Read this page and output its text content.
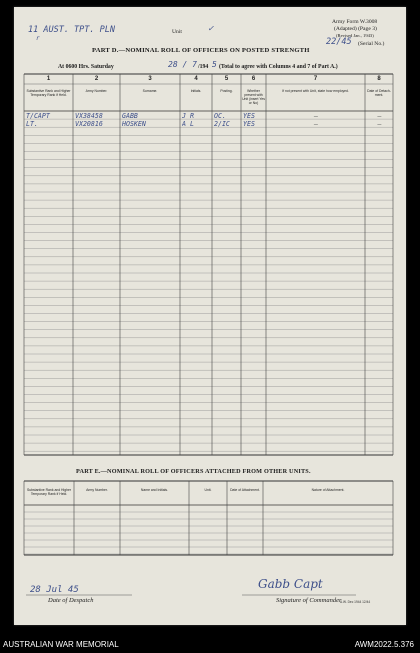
11 AUST. TPT. PLN	Unit	✓
r
Army Form W.3008
(Adapted) (Page 3)
(Revised Jan., 1943)
22/45 (Serial No.)
PART D.—NOMINAL ROLL OF OFFICERS ON POSTED STRENGTH
At 0600 Hrs. Saturday	28 / 7 /194 5 (Total to agree with Columns 4 and 7 of Part A.)
1	2	3	4	5	6	7	8
Substantive Rank and Higher Temporary Rank if Held.
Army Number.	Surname.	Initials.	Posting.	Whether present with Unit (insert Yes or No)
If not present with Unit, state how employed.	Date of Detach-ment.
T/CAPT	VX38458	GABB	J R	OC.	YES	—	—
LT.	VX20816	HOSKEN	A L	2/IC	YES	—	—
PART E.—NOMINAL ROLL OF OFFICERS ATTACHED FROM OTHER UNITS.
Substantive Rank and Higher Temporary Rank if Held.
Army Number.	Name and Initials.	Unit.	Date of Attachment.	Nature of Attachment.
28 Jul 45
Date of Despatch
Gabb Capt
Signature of Commander
A.W. Dec 1944 12/44
AUSTRALIAN WAR MEMORIAL	AWM2022.5.376
